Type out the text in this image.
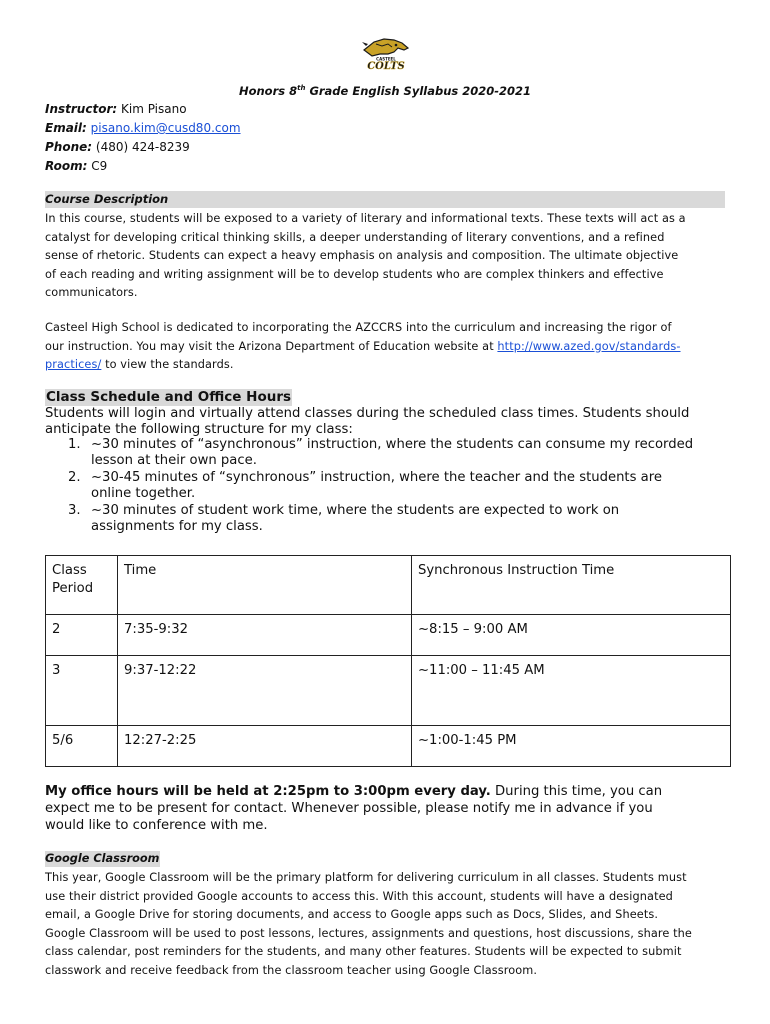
CASTEEL
COLTS
Honors 8th Grade English Syllabus 2020-2021
Instructor: Kim Pisano
Email: pisano.kim@cusd80.com
Phone: (480) 424-8239
Room: C9
Course Description
In this course, students will be exposed to a variety of literary and informational texts. These texts will act as a
catalyst for developing critical thinking skills, a deeper understanding of literary conventions, and a refined
sense of rhetoric. Students can expect a heavy emphasis on analysis and composition. The ultimate objective
of each reading and writing assignment will be to develop students who are complex thinkers and effective
communicators.
Casteel High School is dedicated to incorporating the AZCCRS into the curriculum and increasing the rigor of
our instruction. You may visit the Arizona Department of Education website at http://www.azed.gov/standards-
practices/ to view the standards.
Class Schedule and Office Hours
Students will login and virtually attend classes during the scheduled class times. Students should
anticipate the following structure for my class:
1. ~30 minutes of “asynchronous” instruction, where the students can consume my recorded
lesson at their own pace.
2. ~30-45 minutes of “synchronous” instruction, where the teacher and the students are
online together.
3. ~30 minutes of student work time, where the students are expected to work on
assignments for my class.
Class
Period	Time	Synchronous Instruction Time
2	7:35-9:32	~8:15 – 9:00 AM
3	9:37-12:22	~11:00 – 11:45 AM
5/6	12:27-2:25	~1:00-1:45 PM
My office hours will be held at 2:25pm to 3:00pm every day. During this time, you can
expect me to be present for contact. Whenever possible, please notify me in advance if you
would like to conference with me.
Google Classroom
This year, Google Classroom will be the primary platform for delivering curriculum in all classes. Students must
use their district provided Google accounts to access this. With this account, students will have a designated
email, a Google Drive for storing documents, and access to Google apps such as Docs, Slides, and Sheets.
Google Classroom will be used to post lessons, lectures, assignments and questions, host discussions, share the
class calendar, post reminders for the students, and many other features. Students will be expected to submit
classwork and receive feedback from the classroom teacher using Google Classroom.
